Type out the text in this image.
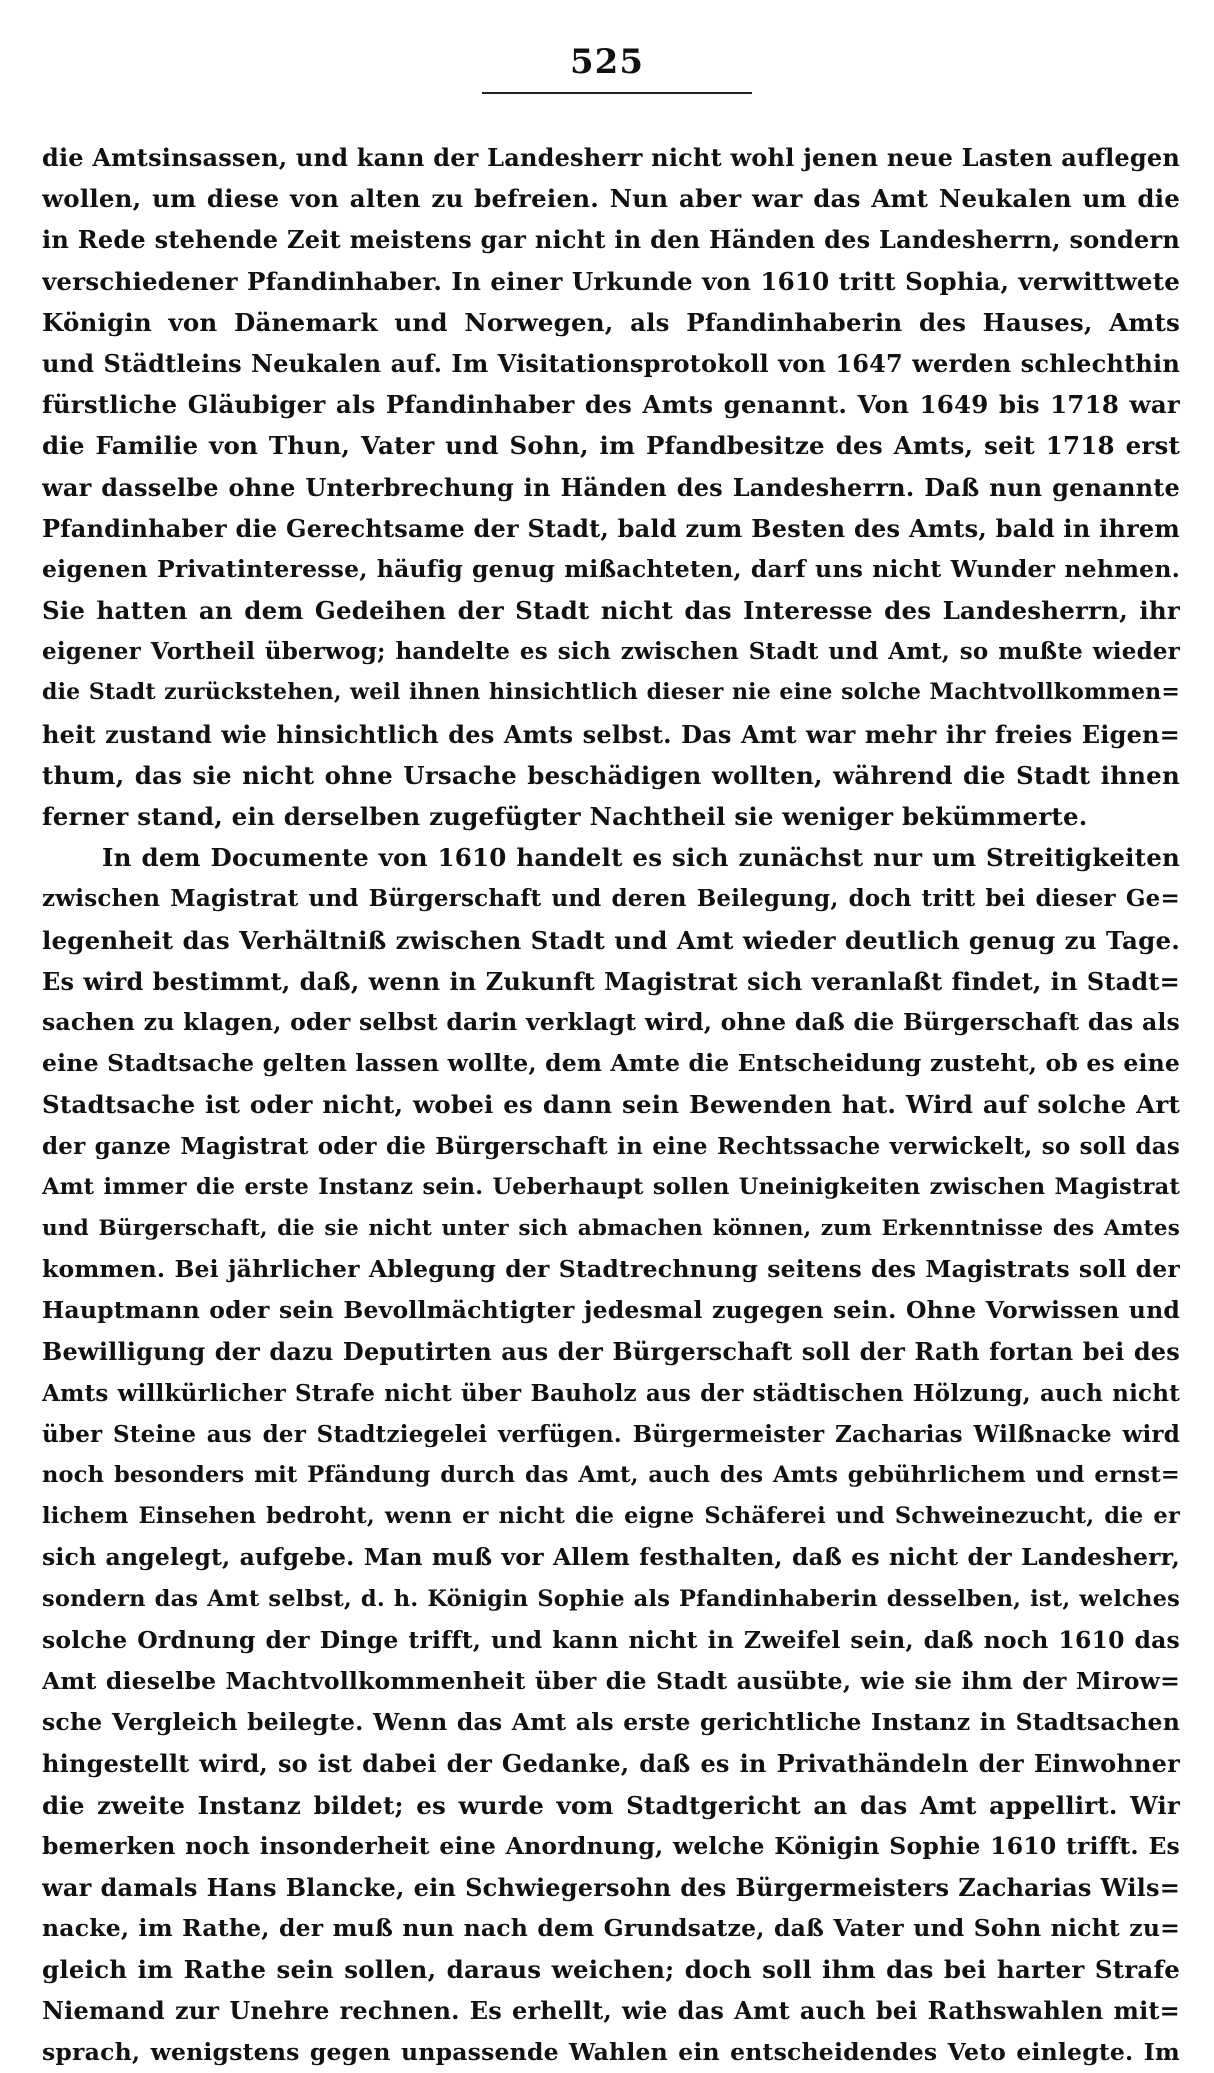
525
die Amtsinsassen, und kann der Landesherr nicht wohl jenen neue Lasten auflegen
wollen, um diese von alten zu befreien. Nun aber war das Amt Neukalen um die
in Rede stehende Zeit meistens gar nicht in den Händen des Landesherrn, sondern
verschiedener Pfandinhaber. In einer Urkunde von 1610 tritt Sophia, verwittwete
Königin von Dänemark und Norwegen, als Pfandinhaberin des Hauses, Amts
und Städtleins Neukalen auf. Im Visitationsprotokoll von 1647 werden schlechthin
fürstliche Gläubiger als Pfandinhaber des Amts genannt. Von 1649 bis 1718 war
die Familie von Thun, Vater und Sohn, im Pfandbesitze des Amts, seit 1718 erst
war dasselbe ohne Unterbrechung in Händen des Landesherrn. Daß nun genannte
Pfandinhaber die Gerechtsame der Stadt, bald zum Besten des Amts, bald in ihrem
eigenen Privatinteresse, häufig genug mißachteten, darf uns nicht Wunder nehmen.
Sie hatten an dem Gedeihen der Stadt nicht das Interesse des Landesherrn, ihr
eigener Vortheil überwog; handelte es sich zwischen Stadt und Amt, so mußte wieder
die Stadt zurückstehen, weil ihnen hinsichtlich dieser nie eine solche Machtvollkommen=
heit zustand wie hinsichtlich des Amts selbst. Das Amt war mehr ihr freies Eigen=
thum, das sie nicht ohne Ursache beschädigen wollten, während die Stadt ihnen
ferner stand, ein derselben zugefügter Nachtheil sie weniger bekümmerte.
In dem Documente von 1610 handelt es sich zunächst nur um Streitigkeiten
zwischen Magistrat und Bürgerschaft und deren Beilegung, doch tritt bei dieser Ge=
legenheit das Verhältniß zwischen Stadt und Amt wieder deutlich genug zu Tage.
Es wird bestimmt, daß, wenn in Zukunft Magistrat sich veranlaßt findet, in Stadt=
sachen zu klagen, oder selbst darin verklagt wird, ohne daß die Bürgerschaft das als
eine Stadtsache gelten lassen wollte, dem Amte die Entscheidung zusteht, ob es eine
Stadtsache ist oder nicht, wobei es dann sein Bewenden hat. Wird auf solche Art
der ganze Magistrat oder die Bürgerschaft in eine Rechtssache verwickelt, so soll das
Amt immer die erste Instanz sein. Ueberhaupt sollen Uneinigkeiten zwischen Magistrat
und Bürgerschaft, die sie nicht unter sich abmachen können, zum Erkenntnisse des Amtes
kommen. Bei jährlicher Ablegung der Stadtrechnung seitens des Magistrats soll der
Hauptmann oder sein Bevollmächtigter jedesmal zugegen sein. Ohne Vorwissen und
Bewilligung der dazu Deputirten aus der Bürgerschaft soll der Rath fortan bei des
Amts willkürlicher Strafe nicht über Bauholz aus der städtischen Hölzung, auch nicht
über Steine aus der Stadtziegelei verfügen. Bürgermeister Zacharias Wilßnacke wird
noch besonders mit Pfändung durch das Amt, auch des Amts gebührlichem und ernst=
lichem Einsehen bedroht, wenn er nicht die eigne Schäferei und Schweinezucht, die er
sich angelegt, aufgebe. Man muß vor Allem festhalten, daß es nicht der Landesherr,
sondern das Amt selbst, d. h. Königin Sophie als Pfandinhaberin desselben, ist, welches
solche Ordnung der Dinge trifft, und kann nicht in Zweifel sein, daß noch 1610 das
Amt dieselbe Machtvollkommenheit über die Stadt ausübte, wie sie ihm der Mirow=
sche Vergleich beilegte. Wenn das Amt als erste gerichtliche Instanz in Stadtsachen
hingestellt wird, so ist dabei der Gedanke, daß es in Privathändeln der Einwohner
die zweite Instanz bildet; es wurde vom Stadtgericht an das Amt appellirt. Wir
bemerken noch insonderheit eine Anordnung, welche Königin Sophie 1610 trifft. Es
war damals Hans Blancke, ein Schwiegersohn des Bürgermeisters Zacharias Wils=
nacke, im Rathe, der muß nun nach dem Grundsatze, daß Vater und Sohn nicht zu=
gleich im Rathe sein sollen, daraus weichen; doch soll ihm das bei harter Strafe
Niemand zur Unehre rechnen. Es erhellt, wie das Amt auch bei Rathswahlen mit=
sprach, wenigstens gegen unpassende Wahlen ein entscheidendes Veto einlegte. Im
